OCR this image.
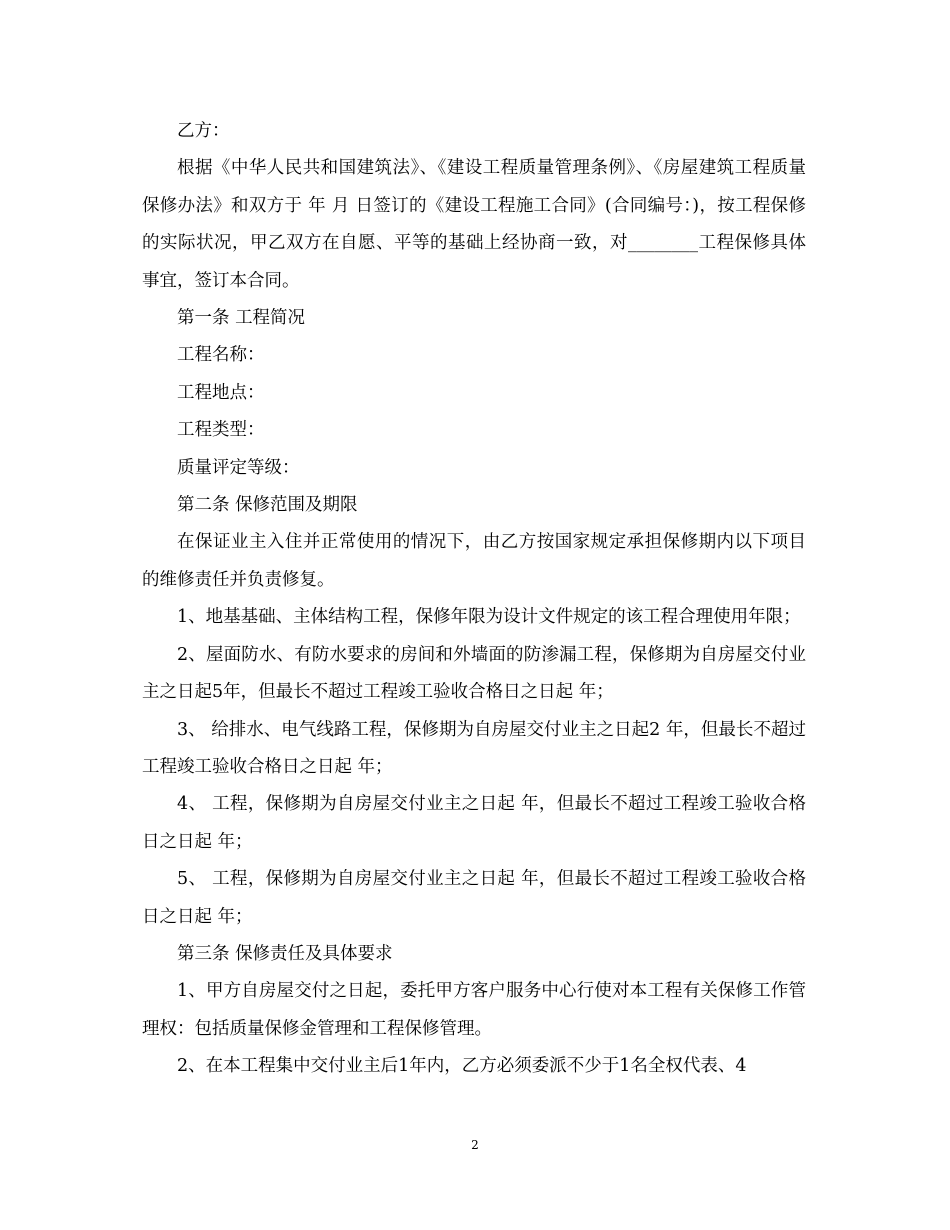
乙方：

根据《中华人民共和国建筑法》、《建设工程质量管理条例》、《房屋建筑工程质量保修办法》和双方于 年 月 日签订的《建设工程施工合同》(合同编号：)，按工程保修的实际状况，甲乙双方在自愿、平等的基础上经协商一致，对________工程保修具体事宜，签订本合同。

第一条 工程简况

工程名称：

工程地点：

工程类型：

质量评定等级：

第二条 保修范围及期限

在保证业主入住并正常使用的情况下，由乙方按国家规定承担保修期内以下项目的维修责任并负责修复。

1、地基基础、主体结构工程，保修年限为设计文件规定的该工程合理使用年限；

2、屋面防水、有防水要求的房间和外墙面的防渗漏工程，保修期为自房屋交付业主之日起5年，但最长不超过工程竣工验收合格日之日起 年；

3、 给排水、电气线路工程，保修期为自房屋交付业主之日起2 年，但最长不超过工程竣工验收合格日之日起 年；

4、 工程，保修期为自房屋交付业主之日起 年，但最长不超过工程竣工验收合格日之日起 年；

5、 工程，保修期为自房屋交付业主之日起 年，但最长不超过工程竣工验收合格日之日起 年；

第三条 保修责任及具体要求

1、甲方自房屋交付之日起，委托甲方客户服务中心行使对本工程有关保修工作管理权：包括质量保修金管理和工程保修管理。

2、在本工程集中交付业主后1年内，乙方必须委派不少于1名全权代表、4

2
